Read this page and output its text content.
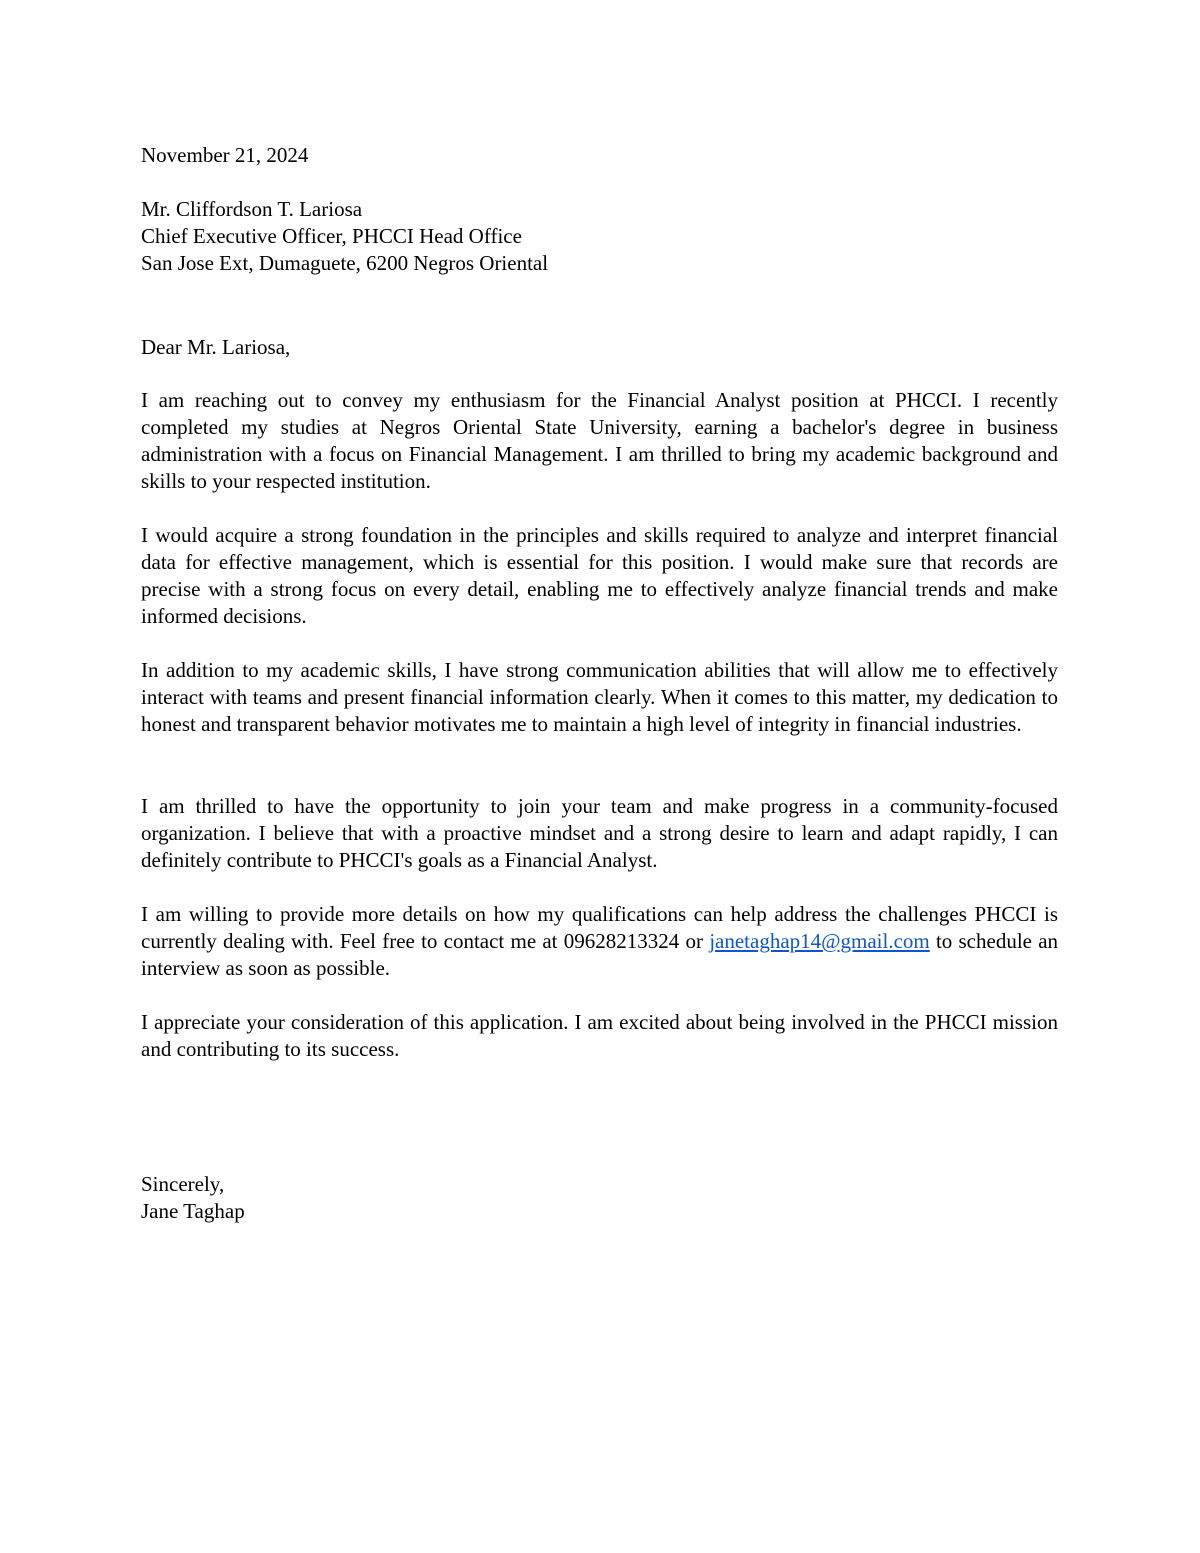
November 21, 2024
Mr. Cliffordson T. Lariosa
Chief Executive Officer, PHCCI Head Office
San Jose Ext, Dumaguete, 6200 Negros Oriental
Dear Mr. Lariosa,
I am reaching out to convey my enthusiasm for the Financial Analyst position at PHCCI. I recently completed my studies at Negros Oriental State University, earning a bachelor's degree in business administration with a focus on Financial Management. I am thrilled to bring my academic background and skills to your respected institution.
I would acquire a strong foundation in the principles and skills required to analyze and interpret financial data for effective management, which is essential for this position. I would make sure that records are precise with a strong focus on every detail, enabling me to effectively analyze financial trends and make informed decisions.
In addition to my academic skills, I have strong communication abilities that will allow me to effectively interact with teams and present financial information clearly. When it comes to this matter, my dedication to honest and transparent behavior motivates me to maintain a high level of integrity in financial industries.
I am thrilled to have the opportunity to join your team and make progress in a community-focused organization. I believe that with a proactive mindset and a strong desire to learn and adapt rapidly, I can definitely contribute to PHCCI's goals as a Financial Analyst.
I am willing to provide more details on how my qualifications can help address the challenges PHCCI is currently dealing with. Feel free to contact me at 09628213324 or janetaghap14@gmail.com to schedule an interview as soon as possible.
I appreciate your consideration of this application. I am excited about being involved in the PHCCI mission and contributing to its success.
Sincerely,
Jane Taghap
